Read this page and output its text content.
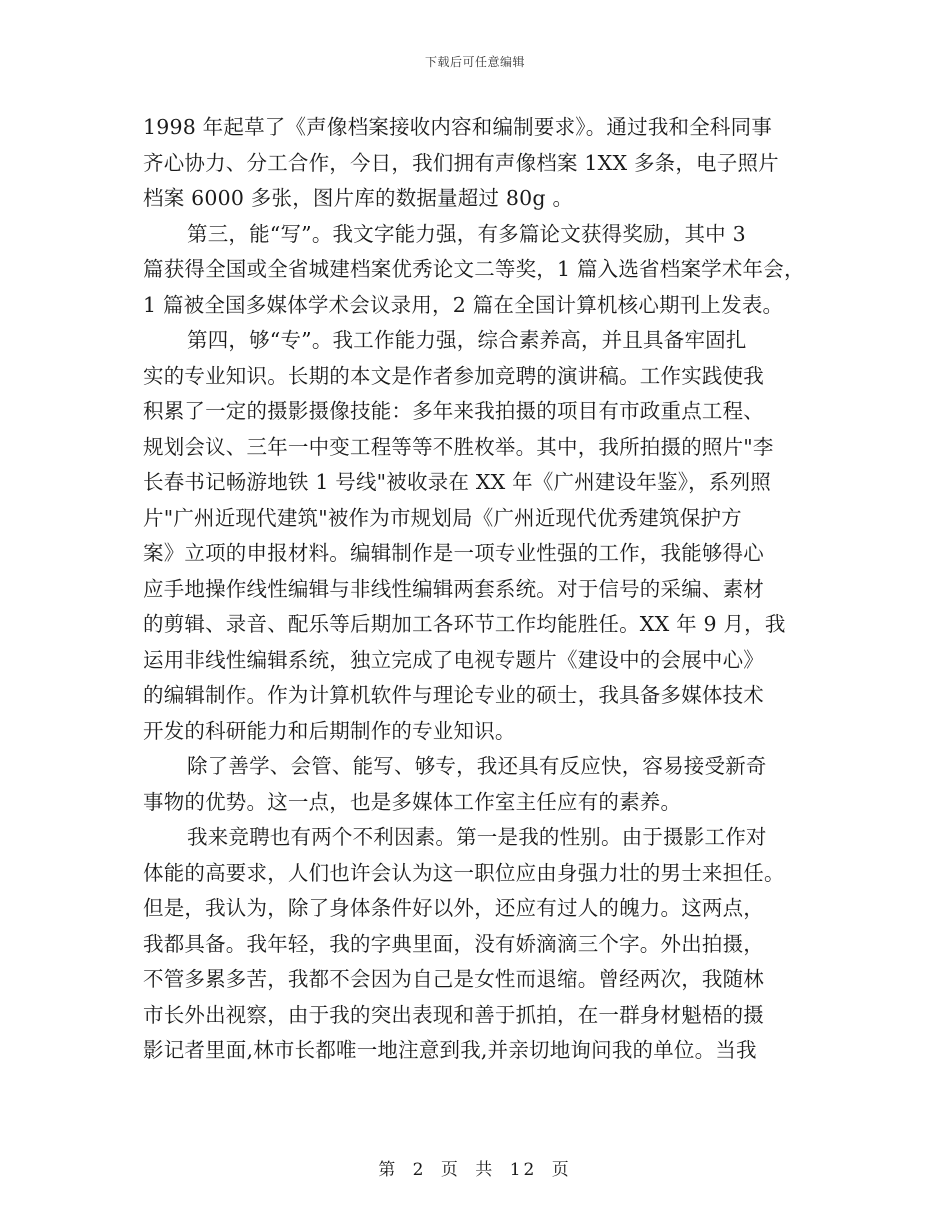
下载后可任意编辑
1998 年起草了《声像档案接收内容和编制要求》。通过我和全科同事
齐心协力、分工合作，今日，我们拥有声像档案 1XX 多条，电子照片
档案 6000 多张，图片库的数据量超过 80g 。
第三，能“写”。我文字能力强，有多篇论文获得奖励，其中 3
篇获得全国或全省城建档案优秀论文二等奖，1 篇入选省档案学术年会，
1 篇被全国多媒体学术会议录用，2 篇在全国计算机核心期刊上发表。
第四，够“专”。我工作能力强，综合素养高，并且具备牢固扎
实的专业知识。长期的本文是作者参加竞聘的演讲稿。工作实践使我
积累了一定的摄影摄像技能：多年来我拍摄的项目有市政重点工程、
规划会议、三年一中变工程等等不胜枚举。其中，我所拍摄的照片"李
长春书记畅游地铁 1 号线"被收录在 XX 年《广州建设年鉴》，系列照
片"广州近现代建筑"被作为市规划局《广州近现代优秀建筑保护方
案》立项的申报材料。编辑制作是一项专业性强的工作，我能够得心
应手地操作线性编辑与非线性编辑两套系统。对于信号的采编、素材
的剪辑、录音、配乐等后期加工各环节工作均能胜任。XX 年 9 月，我
运用非线性编辑系统，独立完成了电视专题片《建设中的会展中心》
的编辑制作。作为计算机软件与理论专业的硕士，我具备多媒体技术
开发的科研能力和后期制作的专业知识。
除了善学、会管、能写、够专，我还具有反应快，容易接受新奇
事物的优势。这一点，也是多媒体工作室主任应有的素养。
我来竞聘也有两个不利因素。第一是我的性别。由于摄影工作对
体能的高要求，人们也许会认为这一职位应由身强力壮的男士来担任。
但是，我认为，除了身体条件好以外，还应有过人的魄力。这两点，
我都具备。我年轻，我的字典里面，没有娇滴滴三个字。外出拍摄，
不管多累多苦，我都不会因为自己是女性而退缩。曾经两次，我随林
市长外出视察，由于我的突出表现和善于抓拍，在一群身材魁梧的摄
影记者里面,林市长都唯一地注意到我,并亲切地询问我的单位。当我
第 2 页 共 12 页
